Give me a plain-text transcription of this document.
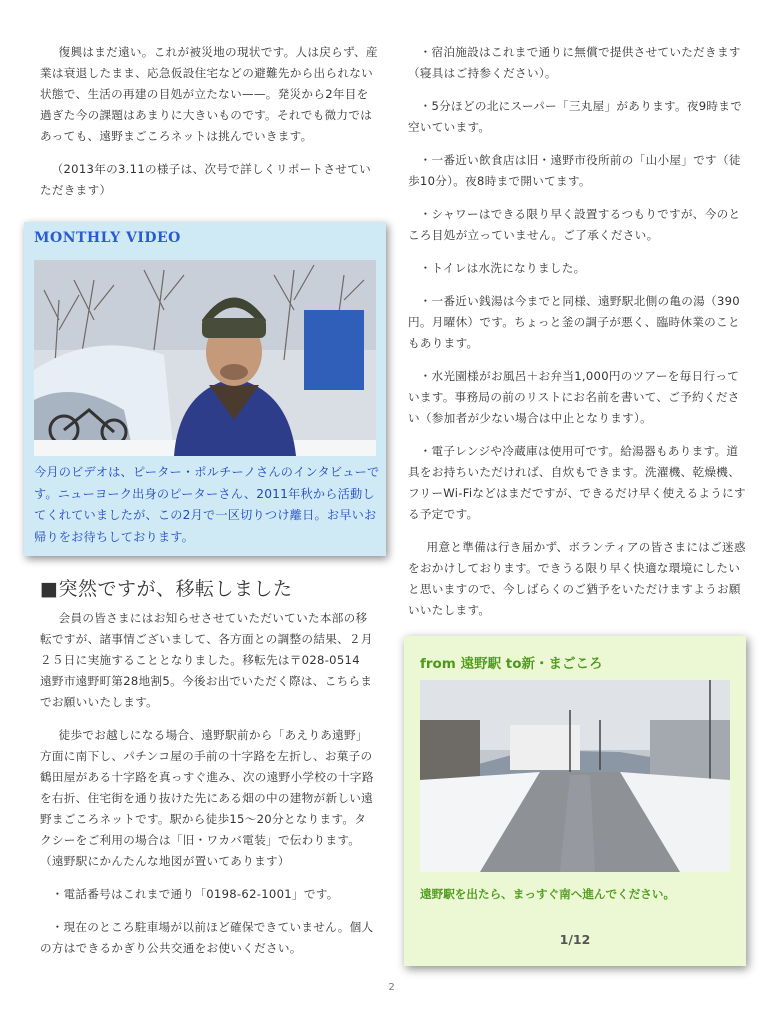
復興はまだ遠い。これが被災地の現状です。人は戻らず、産業は衰退したまま、応急仮設住宅などの避難先から出られない状態で、生活の再建の目処が立たない——。発災から2年目を過ぎた今の課題はあまりに大きいものです。それでも微力ではあっても、遠野まごころネットは挑んでいきます。

（2013年の3.11の様子は、次号で詳しくリポートさせていただきます）

MONTHLY VIDEO
今月のビデオは、ピーター・ポルチーノさんのインタビューです。ニューヨーク出身のピーターさん、2011年秋から活動してくれていましたが、この2月で一区切りつけ離日。お早いお帰りをお待ちしております。
■突然ですが、移転しました

会員の皆さまにはお知らせさせていただいていた本部の移転ですが、諸事情ございまして、各方面との調整の結果、２月２５日に実施することとなりました。移転先は〒028-0514　遠野市遠野町第28地割5。今後お出でいただく際は、こちらまでお願いいたします。

徒歩でお越しになる場合、遠野駅前から「あえりあ遠野」方面に南下し、パチンコ屋の手前の十字路を左折し、お菓子の鶴田屋がある十字路を真っすぐ進み、次の遠野小学校の十字路を右折、住宅街を通り抜けた先にある畑の中の建物が新しい遠野まごころネットです。駅から徒歩15〜20分となります。タクシーをご利用の場合は「旧・ワカバ電装」で伝わります。（遠野駅にかんたんな地図が置いてあります）

・電話番号はこれまで通り「0198-62-1001」です。

・現在のところ駐車場が以前ほど確保できていません。個人の方はできるかぎり公共交通をお使いください。

・宿泊施設はこれまで通りに無償で提供させていただきます（寝具はご持参ください）。

・5分ほどの北にスーパー「三丸屋」があります。夜9時まで空いています。

・一番近い飲食店は旧・遠野市役所前の「山小屋」です（徒歩10分）。夜8時まで開いてます。

・シャワーはできる限り早く設置するつもりですが、今のところ目処が立っていません。ご了承ください。

・トイレは水洗になりました。

・一番近い銭湯は今までと同様、遠野駅北側の亀の湯（390円。月曜休）です。ちょっと釜の調子が悪く、臨時休業のこともあります。

・水光園様がお風呂＋お弁当1,000円のツアーを毎日行っています。事務局の前のリストにお名前を書いて、ご予約ください（参加者が少ない場合は中止となります）。

・電子レンジや冷蔵庫は使用可です。給湯器もあります。道具をお持ちいただければ、自炊もできます。洗濯機、乾燥機、フリーWi-Fiなどはまだですが、できるだけ早く使えるようにする予定です。

用意と準備は行き届かず、ボランティアの皆さまにはご迷惑をおかけしております。できうる限り早く快適な環境にしたいと思いますので、今しばらくのご猶予をいただけますようお願いいたします。

from 遠野駅 to新・まごころ
遠野駅を出たら、まっすぐ南へ進んでください。
1/12
2
